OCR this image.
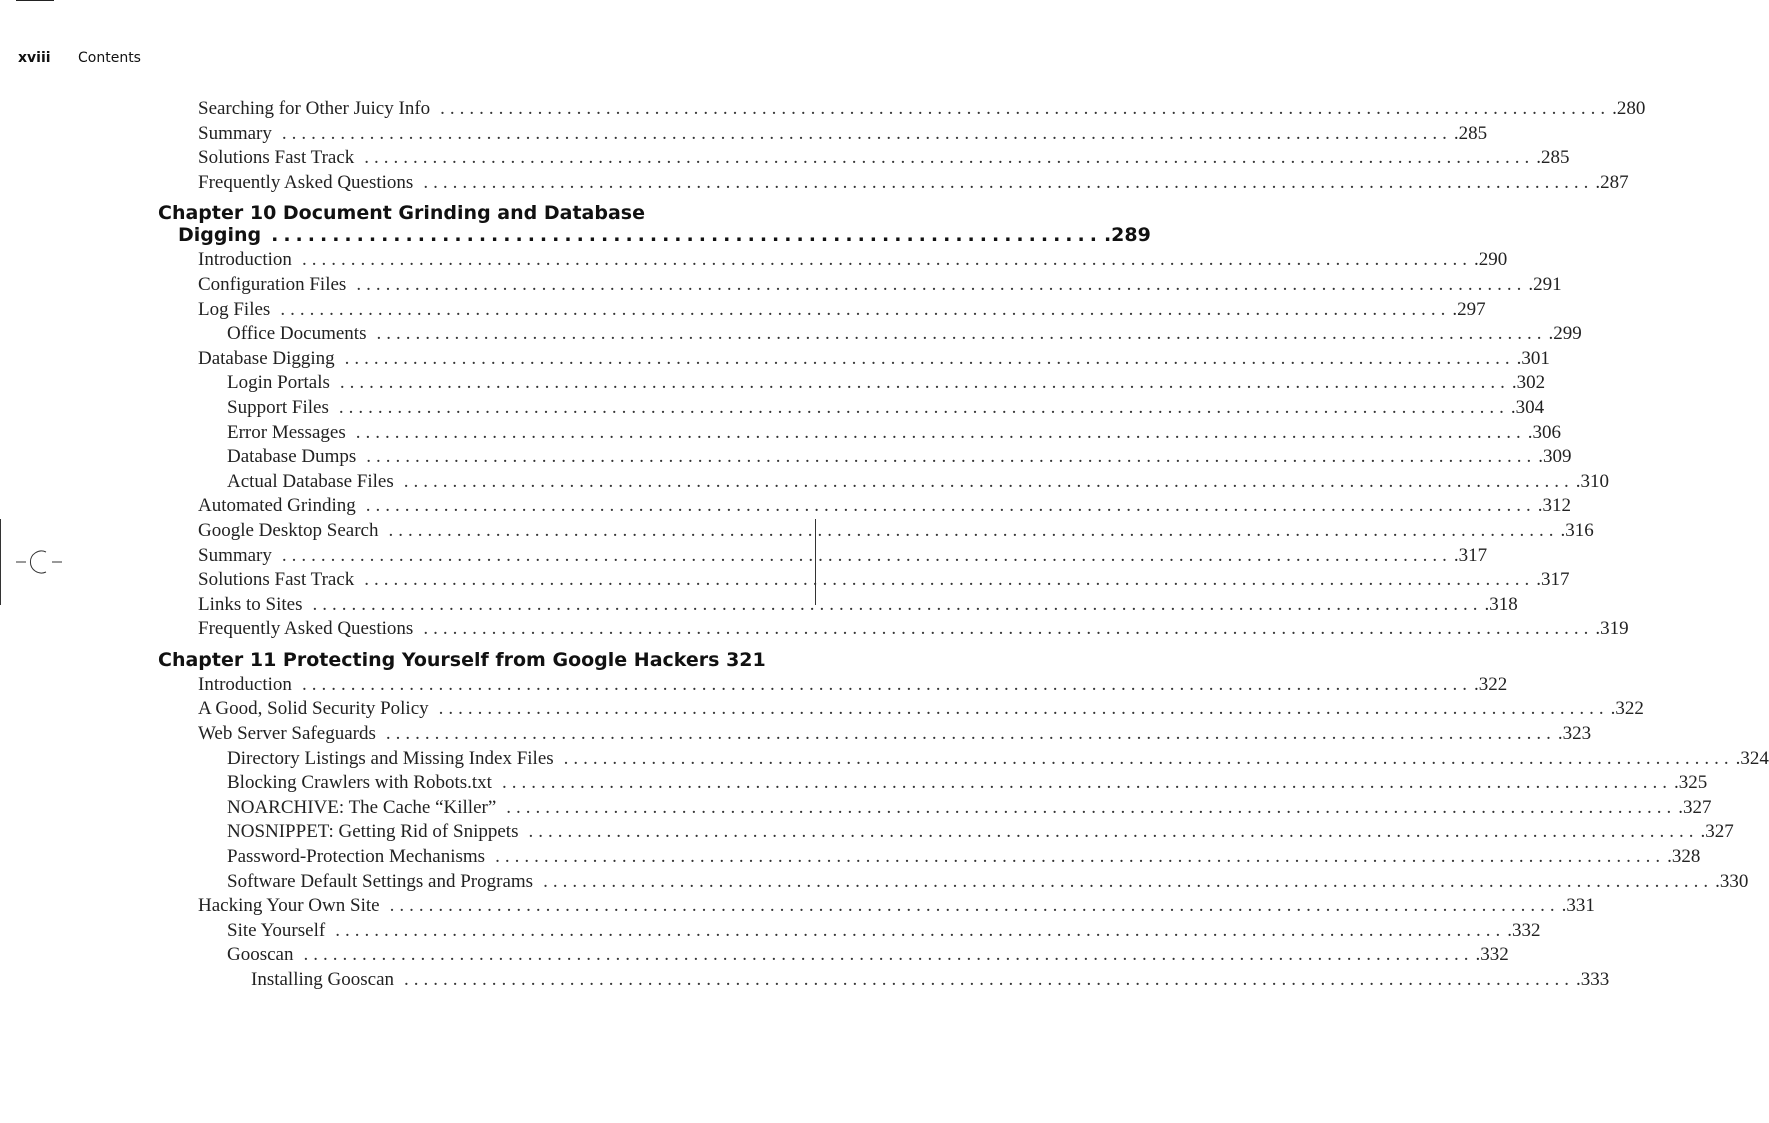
xviii Contents
Searching for Other Juicy Info ........................................................................................................................ .280
Summary ........................................................................................................................ .285
Solutions Fast Track ........................................................................................................................ .285
Frequently Asked Questions ........................................................................................................................ .287
Chapter 10 Document Grinding and Database
Digging .................................................................... .289
Introduction ........................................................................................................................ .290
Configuration Files ........................................................................................................................ .291
Log Files ........................................................................................................................ .297
Office Documents ........................................................................................................................ .299
Database Digging ........................................................................................................................ .301
Login Portals ........................................................................................................................ .302
Support Files ........................................................................................................................ .304
Error Messages ........................................................................................................................ .306
Database Dumps ........................................................................................................................ .309
Actual Database Files ........................................................................................................................ .310
Automated Grinding ........................................................................................................................ .312
Google Desktop Search ........................................................................................................................ .316
Summary ........................................................................................................................ .317
Solutions Fast Track ........................................................................................................................ .317
Links to Sites ........................................................................................................................ .318
Frequently Asked Questions ........................................................................................................................ .319
Chapter 11 Protecting Yourself from Google Hackers 321
Introduction ........................................................................................................................ .322
A Good, Solid Security Policy ........................................................................................................................ .322
Web Server Safeguards ........................................................................................................................ .323
Directory Listings and Missing Index Files ........................................................................................................................ .324
Blocking Crawlers with Robots.txt ........................................................................................................................ .325
NOARCHIVE: The Cache “Killer” ........................................................................................................................ .327
NOSNIPPET: Getting Rid of Snippets ........................................................................................................................ .327
Password-Protection Mechanisms ........................................................................................................................ .328
Software Default Settings and Programs ........................................................................................................................ .330
Hacking Your Own Site ........................................................................................................................ .331
Site Yourself ........................................................................................................................ .332
Gooscan ........................................................................................................................ .332
Installing Gooscan ........................................................................................................................ .333
